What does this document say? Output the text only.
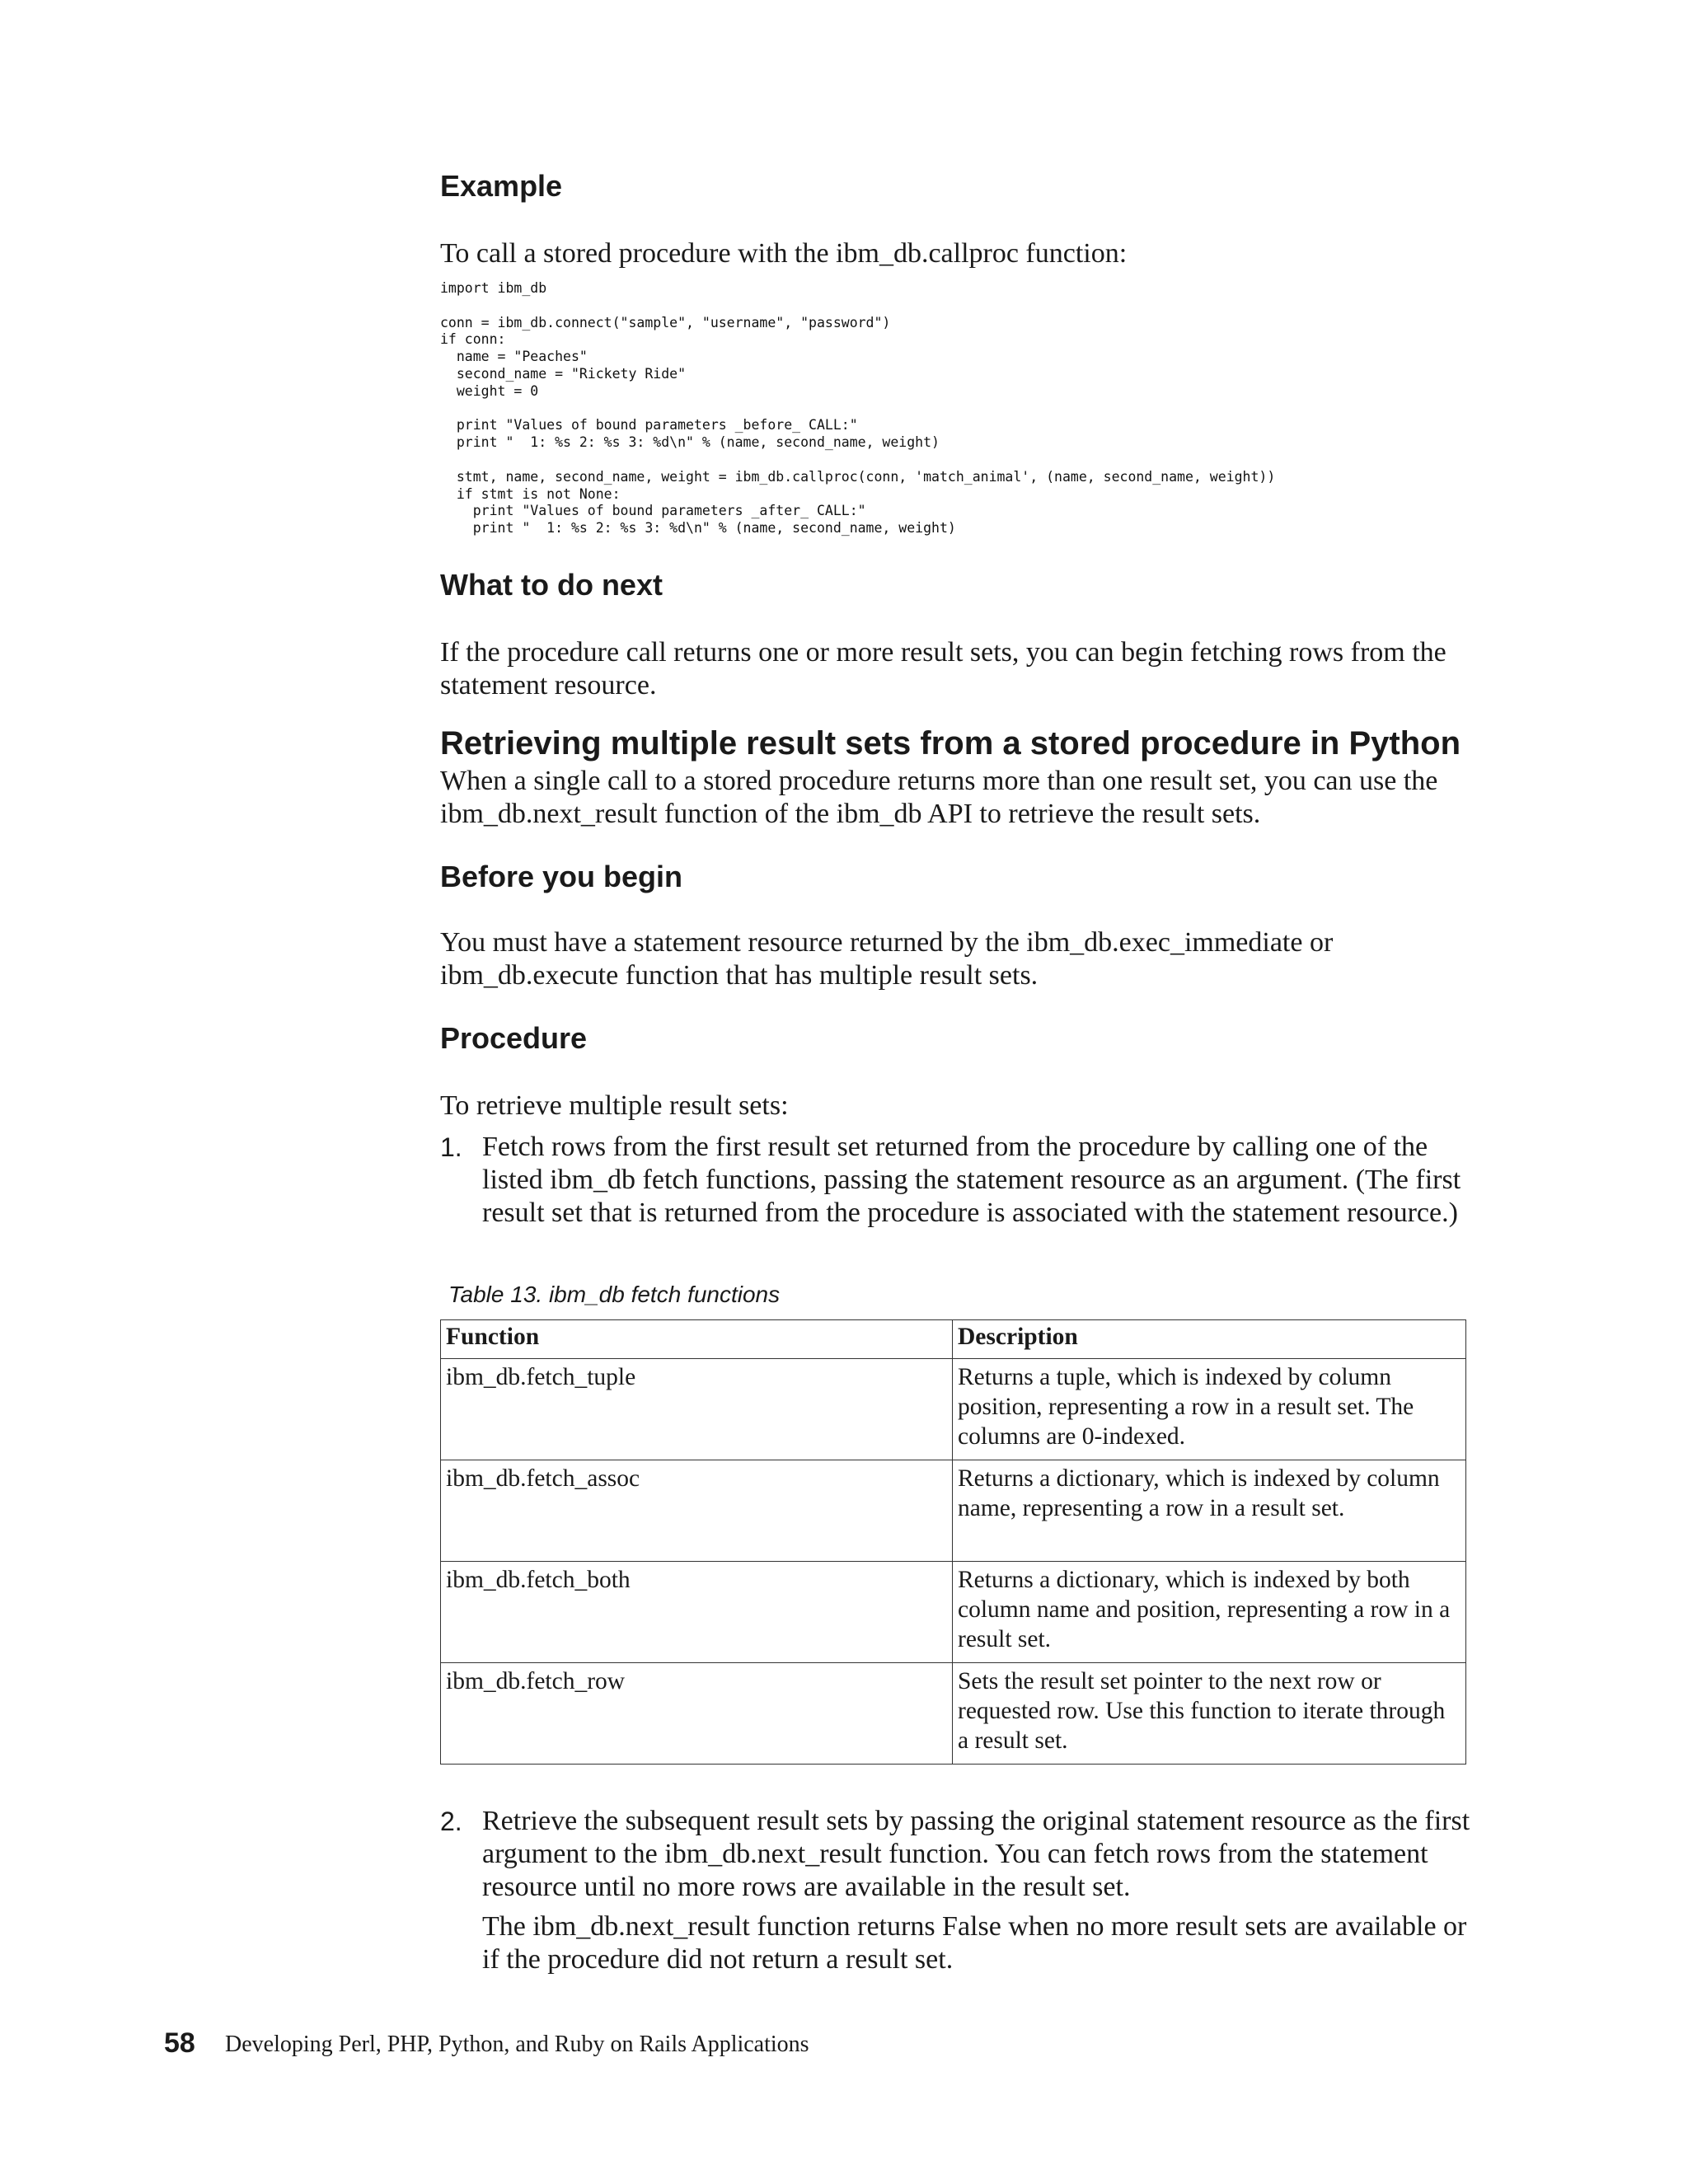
Example
To call a stored procedure with the ibm_db.callproc function:
import ibm_db

conn = ibm_db.connect("sample", "username", "password")
if conn:
name = "Peaches"
second_name = "Rickety Ride"
weight = 0

print "Values of bound parameters _before_ CALL:"
print "  1: %s 2: %s 3: %d\n" % (name, second_name, weight)

stmt, name, second_name, weight = ibm_db.callproc(conn, 'match_animal', (name, second_name, weight))
if stmt is not None:
print "Values of bound parameters _after_ CALL:"
print "  1: %s 2: %s 3: %d\n" % (name, second_name, weight)
What to do next
If the procedure call returns one or more result sets, you can begin fetching rows from the statement resource.
Retrieving multiple result sets from a stored procedure in Python
When a single call to a stored procedure returns more than one result set, you can use the ibm_db.next_result function of the ibm_db API to retrieve the result sets.
Before you begin
You must have a statement resource returned by the ibm_db.exec_immediate or ibm_db.execute function that has multiple result sets.
Procedure
To retrieve multiple result sets:
1. Fetch rows from the first result set returned from the procedure by calling one of the listed ibm_db fetch functions, passing the statement resource as an argument. (The first result set that is returned from the procedure is associated with the statement resource.)
Table 13. ibm_db fetch functions
Function	Description
ibm_db.fetch_tuple	Returns a tuple, which is indexed by column position, representing a row in a result set. The columns are 0-indexed.
ibm_db.fetch_assoc	Returns a dictionary, which is indexed by column name, representing a row in a result set.
ibm_db.fetch_both	Returns a dictionary, which is indexed by both column name and position, representing a row in a result set.
ibm_db.fetch_row	Sets the result set pointer to the next row or requested row. Use this function to iterate through a result set.
2. Retrieve the subsequent result sets by passing the original statement resource as the first argument to the ibm_db.next_result function. You can fetch rows from the statement resource until no more rows are available in the result set.
The ibm_db.next_result function returns False when no more result sets are available or if the procedure did not return a result set.
58 Developing Perl, PHP, Python, and Ruby on Rails Applications
